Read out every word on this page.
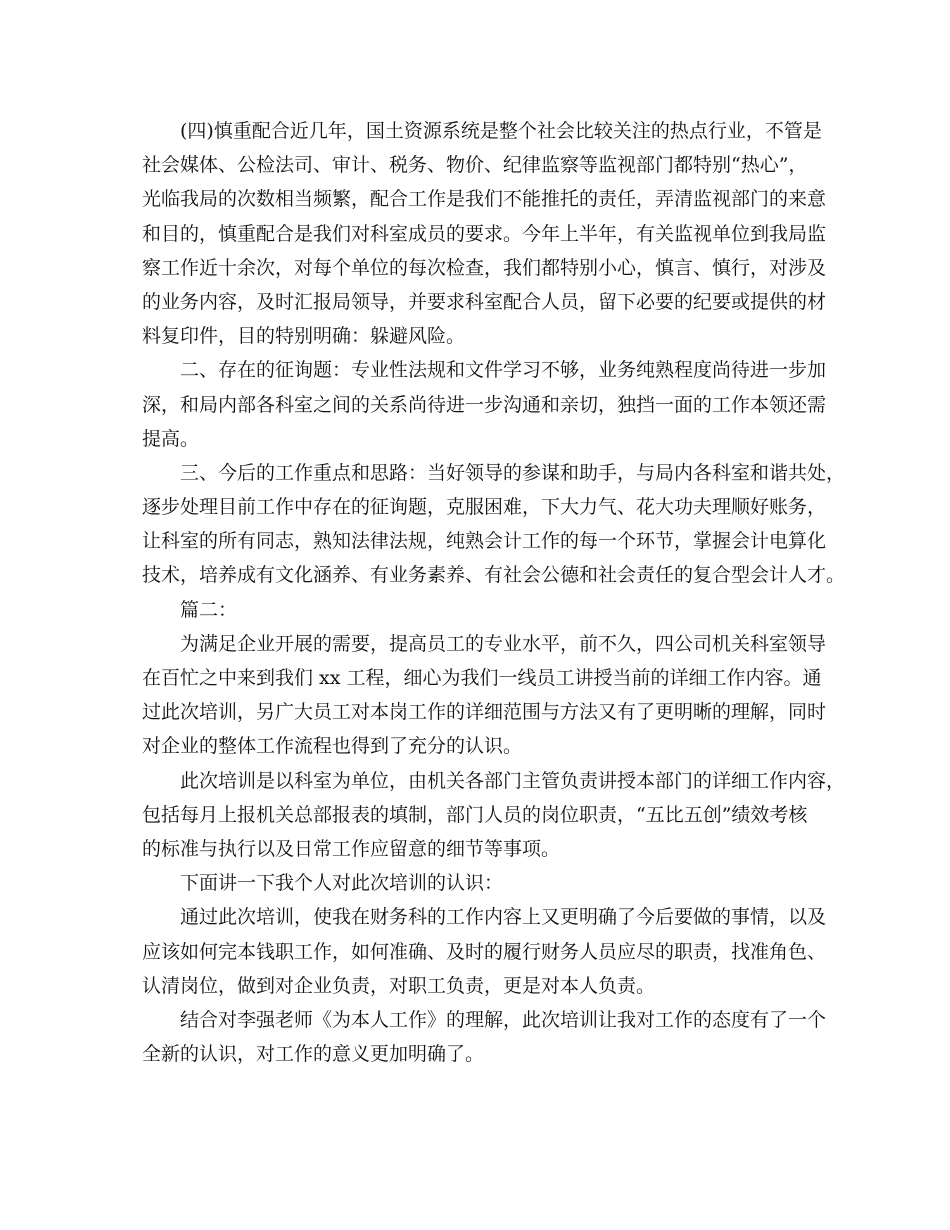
(四)慎重配合近几年，国土资源系统是整个社会比较关注的热点行业，不管是
社会媒体、公检法司、审计、税务、物价、纪律监察等监视部门都特别“热心”，
光临我局的次数相当频繁，配合工作是我们不能推托的责任，弄清监视部门的来意
和目的，慎重配合是我们对科室成员的要求。今年上半年，有关监视单位到我局监
察工作近十余次，对每个单位的每次检查，我们都特别小心，慎言、慎行，对涉及
的业务内容，及时汇报局领导，并要求科室配合人员，留下必要的纪要或提供的材
料复印件，目的特别明确：躲避风险。
二、存在的征询题：专业性法规和文件学习不够，业务纯熟程度尚待进一步加
深，和局内部各科室之间的关系尚待进一步沟通和亲切，独挡一面的工作本领还需
提高。
三、今后的工作重点和思路：当好领导的参谋和助手，与局内各科室和谐共处，
逐步处理目前工作中存在的征询题，克服困难，下大力气、花大功夫理顺好账务，
让科室的所有同志，熟知法律法规，纯熟会计工作的每一个环节，掌握会计电算化
技术，培养成有文化涵养、有业务素养、有社会公德和社会责任的复合型会计人才。
篇二：
为满足企业开展的需要，提高员工的专业水平，前不久，四公司机关科室领导
在百忙之中来到我们 xx 工程，细心为我们一线员工讲授当前的详细工作内容。通
过此次培训，另广大员工对本岗工作的详细范围与方法又有了更明晰的理解，同时
对企业的整体工作流程也得到了充分的认识。
此次培训是以科室为单位，由机关各部门主管负责讲授本部门的详细工作内容，
包括每月上报机关总部报表的填制，部门人员的岗位职责，“五比五创”绩效考核
的标准与执行以及日常工作应留意的细节等事项。
下面讲一下我个人对此次培训的认识：
通过此次培训，使我在财务科的工作内容上又更明确了今后要做的事情，以及
应该如何完本钱职工作，如何准确、及时的履行财务人员应尽的职责，找准角色、
认清岗位，做到对企业负责，对职工负责，更是对本人负责。
结合对李强老师《为本人工作》的理解，此次培训让我对工作的态度有了一个
全新的认识，对工作的意义更加明确了。
